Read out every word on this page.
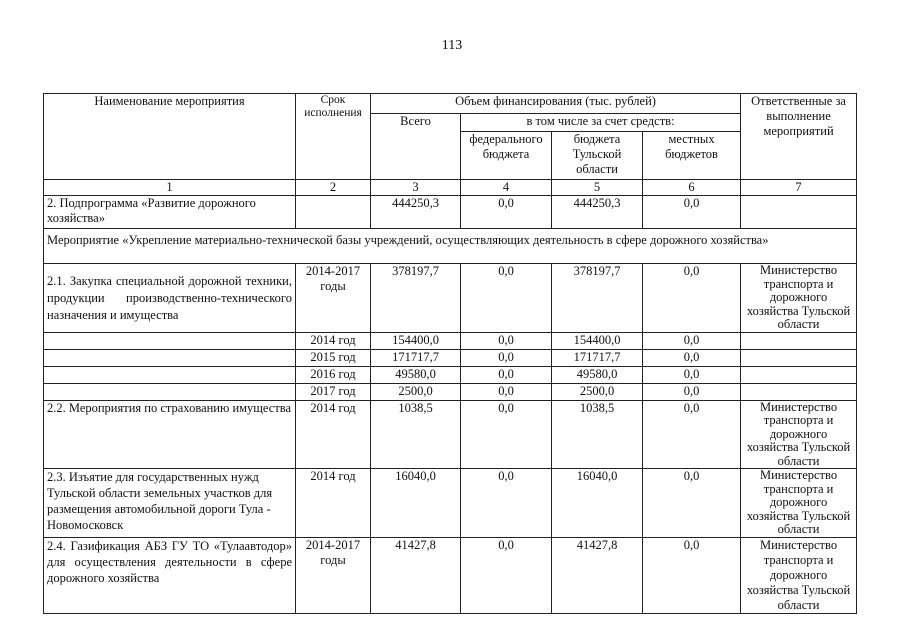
113
Наименование мероприятия	Срок исполнения	Объем финансирования (тыс. рублей)				Ответственные за выполнение мероприятий
		Всего	в том числе за счет средств:			
			федерального бюджета	бюджета Тульской области	местных бюджетов	
1	2	3	4	5	6	7
2. Подпрограмма «Развитие дорожного хозяйства»		444250,3	0,0	444250,3	0,0	
Мероприятие «Укрепление материально-технической базы учреждений, осуществляющих деятельность в сфере дорожного хозяйства»						
2.1. Закупка специальной дорожной техники, продукции производственно-технического назначения и имущества	2014-2017 годы	378197,7	0,0	378197,7	0,0	Министерство транспорта и дорожного хозяйства Тульской области
	2014 год	154400,0	0,0	154400,0	0,0	
	2015 год	171717,7	0,0	171717,7	0,0	
	2016 год	49580,0	0,0	49580,0	0,0	
	2017 год	2500,0	0,0	2500,0	0,0	
2.2. Мероприятия по страхованию имущества	2014 год	1038,5	0,0	1038,5	0,0	Министерство транспорта и дорожного хозяйства Тульской области
2.3. Изъятие для государственных нужд Тульской области земельных участков для размещения автомобильной дороги Тула - Новомосковск	2014 год	16040,0	0,0	16040,0	0,0	Министерство транспорта и дорожного хозяйства Тульской области
2.4. Газификация АБЗ ГУ ТО «Тулаавтодор» для осуществления деятельности в сфере дорожного хозяйства	2014-2017 годы	41427,8	0,0	41427,8	0,0	Министерство транспорта и дорожного хозяйства Тульской области
